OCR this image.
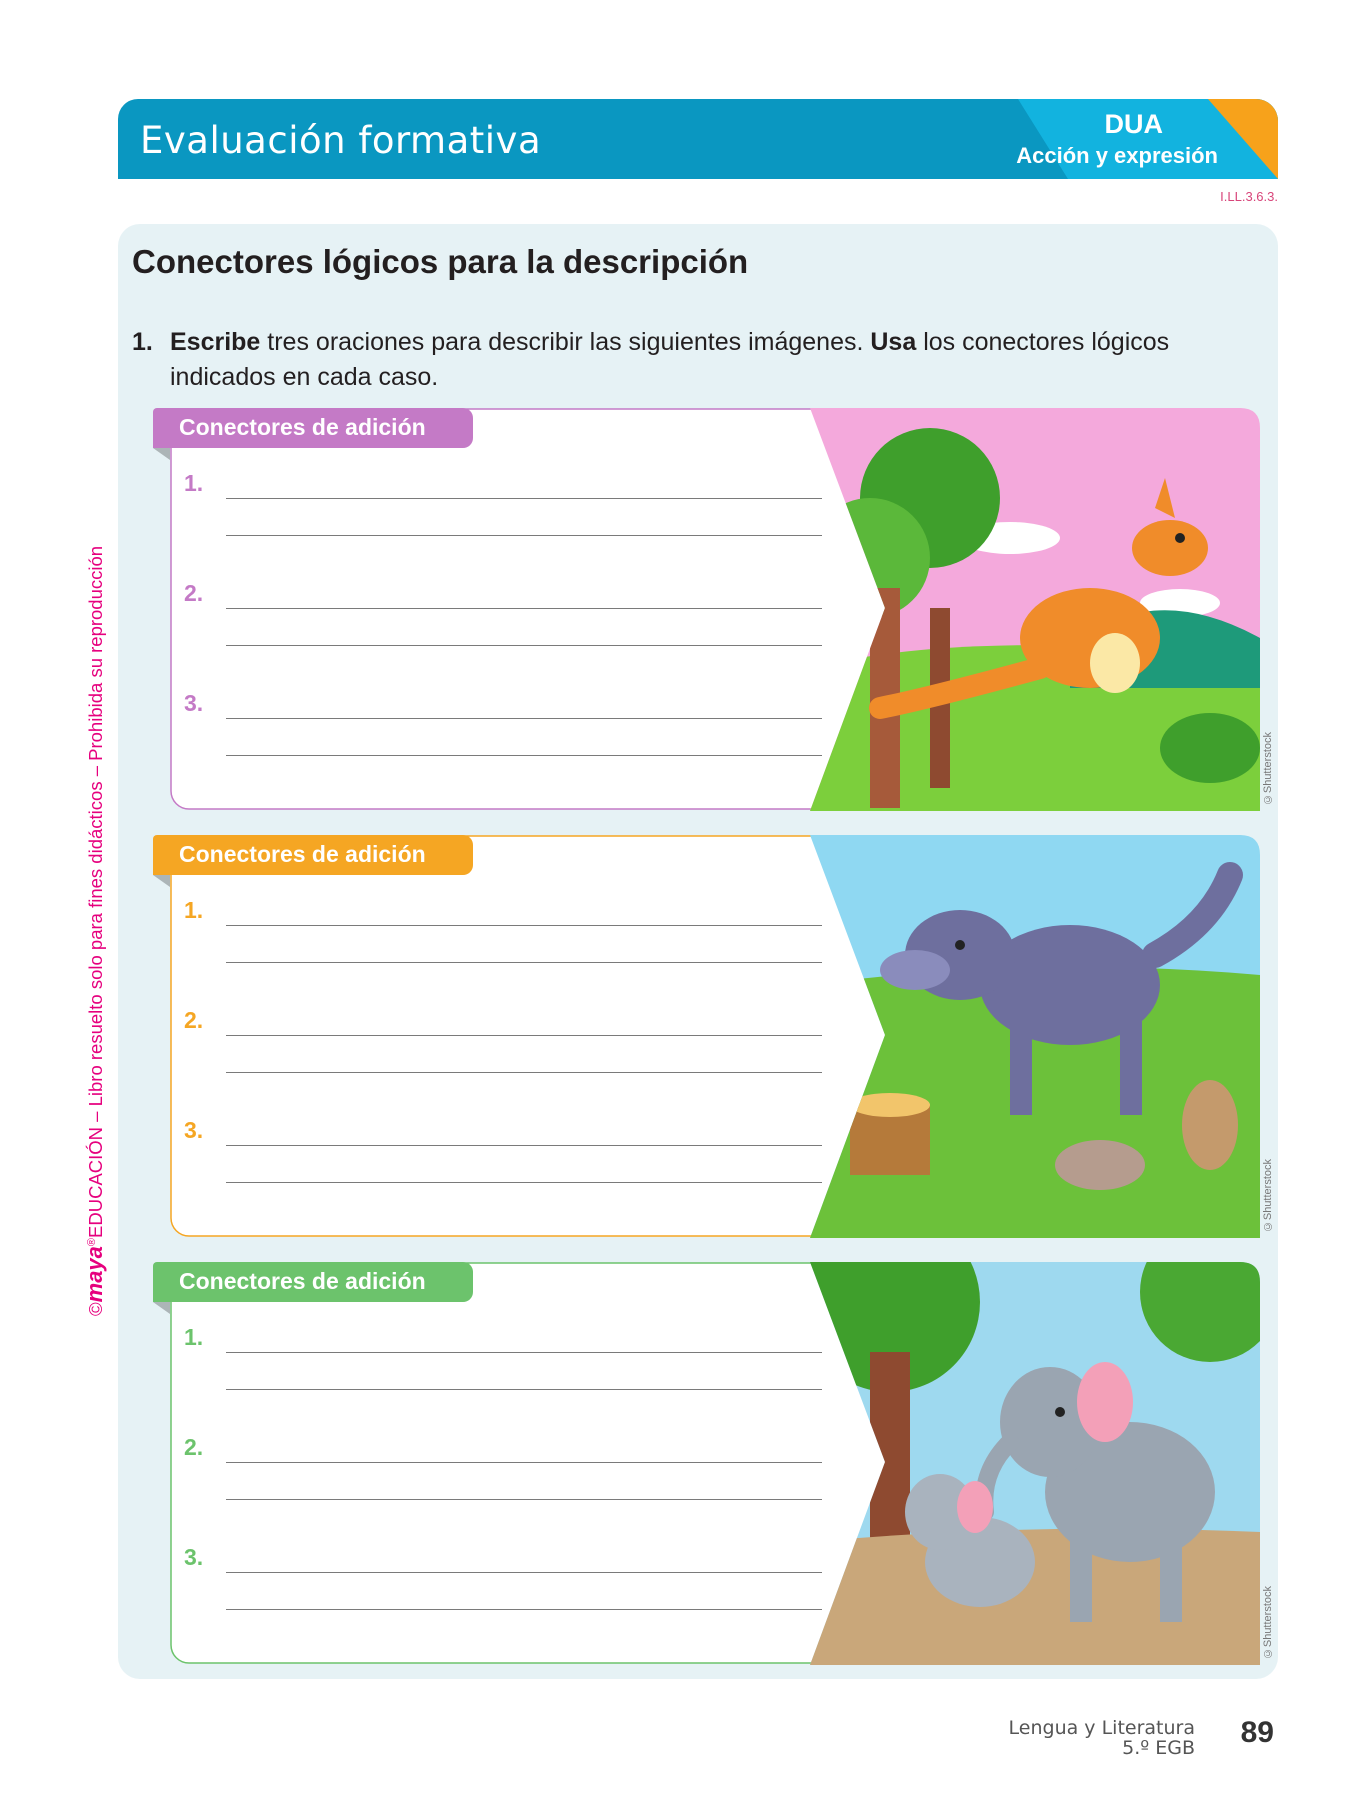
Evaluación formativa	DUA
Acción y expresión
I.LL.3.6.3.
©maya®EDUCACIÓN – Libro resuelto solo para fines didácticos – Prohibida su reproducción
Conectores lógicos para la descripción
1. Escribe tres oraciones para describir las siguientes imágenes. Usa los conectores lógicos indicados en cada caso.
Conectores de adición
1.
2.
3.
©Shutterstock
Conectores de adición
1.
2.
3.
©Shutterstock
Conectores de adición
1.
2.
3.
©Shutterstock
Lengua y Literatura
5.º EGB 89
